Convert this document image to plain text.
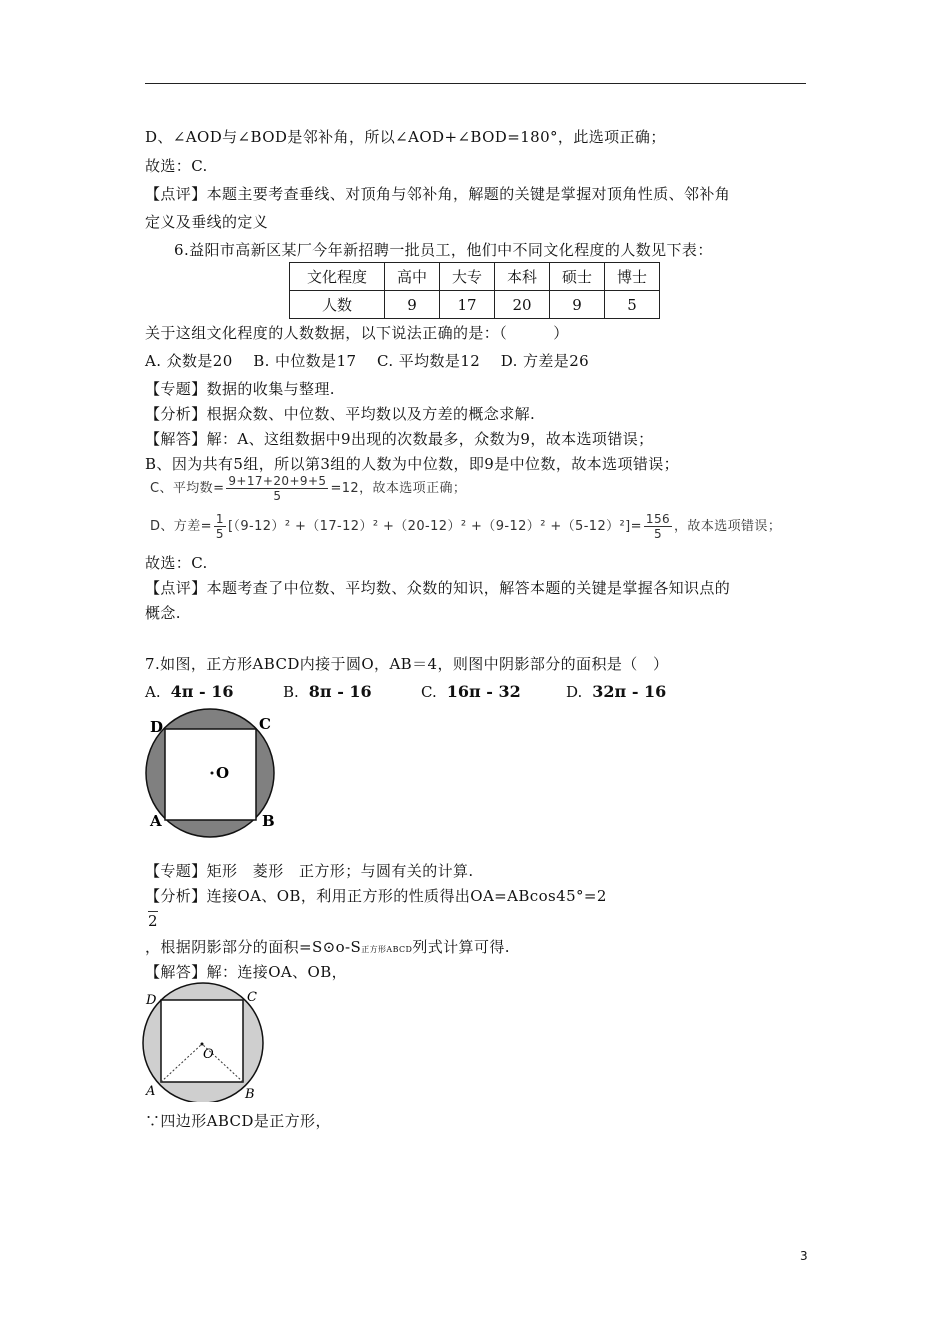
D、∠AOD与∠BOD是邻补角，所以∠AOD+∠BOD=180°，此选项正确；
故选：C.
【点评】本题主要考查垂线、对顶角与邻补角，解题的关键是掌握对顶角性质、邻补角
定义及垂线的定义
6.益阳市高新区某厂今年新招聘一批员工，他们中不同文化程度的人数见下表：
文化程度	高中	大专	本科	硕士	博士
人数	9	17	20	9	5
关于这组文化程度的人数数据，以下说法正确的是：（　　　）
A. 众数是20　 B. 中位数是17　 C. 平均数是12　 D. 方差是26
【专题】数据的收集与整理.
【分析】根据众数、中位数、平均数以及方差的概念求解.
【解答】解：A、这组数据中9出现的次数最多，众数为9，故本选项错误；
B、因为共有5组，所以第3组的人数为中位数，即9是中位数，故本选项错误；
C、平均数= $\frac{9+17+20+9+5}{5} =12$，故本选项正确；
D、方差= $\frac{1}{5} [(9-12)^2 +(17-12)^2 +(20-12)^2 +(9-12)^2 +(5-12)^2]= \frac{156}{5}$ ，故本选项错误；
故选：C.
【点评】本题考查了中位数、平均数、众数的知识，解答本题的关键是掌握各知识点的
概念.
7.如图，正方形ABCD内接于圆O，AB＝4，则图中阴影部分的面积是（　）
A. 4π - 16	B. 8π - 16	C. 16π - 32	D. 32π - 16
O
D	C
A	B
【专题】矩形　菱形　正方形；与圆有关的计算.
【分析】连接OA、OB，利用正方形的性质得出OA=ABcos45°=2
2
，根据阴影部分的面积=S⊙o-S正方形ABCD列式计算可得.
【解答】解：连接OA、OB，
O
D	C
A	B
∵四边形ABCD是正方形，
3
